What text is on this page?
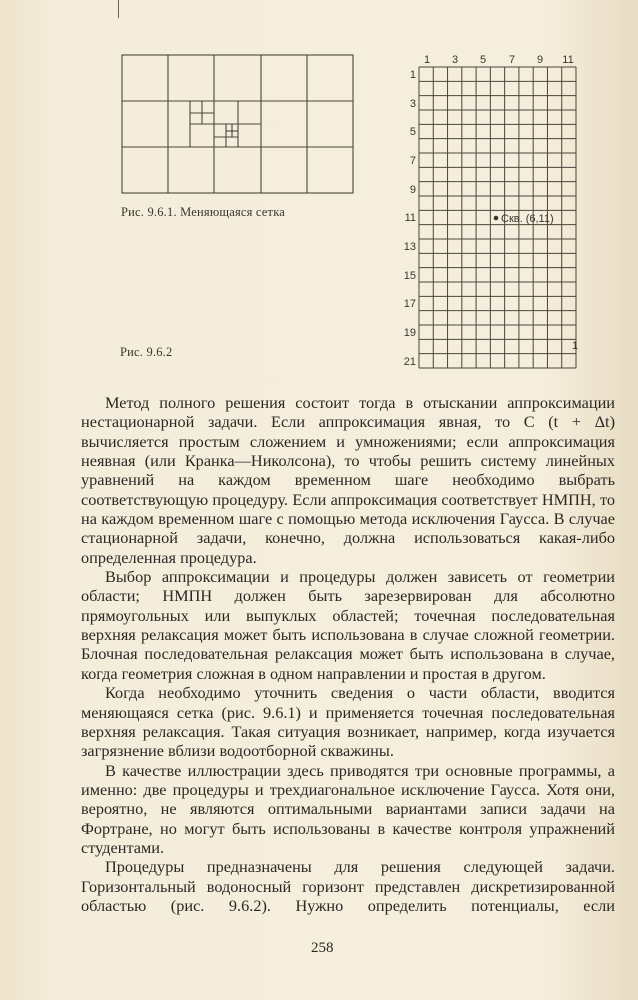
1 3 5 7 9 11
1
3
5
7
9
11
13
15
17
19
21
Скв. (6,11)
1
Рис. 9.6.1. Меняющаяся сетка
Рис. 9.6.2

Метод полного решения состоит тогда в отыскании аппроксимации нестационарной задачи. Если аппроксимация явная, то C (t + Δt) вычисляется простым сложением и умножениями; если аппроксимация неявная (или Кранка—Николсона), то чтобы решить систему линейных уравнений на каждом временном шаге необходимо выбрать соответствующую процедуру. Если аппроксимация соответствует НМПН, то на каждом временном шаге с помощью метода исключения Гаусса. В случае стационарной задачи, конечно, должна использоваться какая-либо определенная процедура.

Выбор аппроксимации и процедуры должен зависеть от геометрии области; НМПН должен быть зарезервирован для абсолютно прямоугольных или выпуклых областей; точечная последовательная верхняя релаксация может быть использована в случае сложной геометрии. Блочная последовательная релаксация может быть использована в случае, когда геометрия сложная в одном направлении и простая в другом.

Когда необходимо уточнить сведения о части области, вводится меняющаяся сетка (рис. 9.6.1) и применяется точечная последовательная верхняя релаксация. Такая ситуация возникает, например, когда изучается загрязнение вблизи водоотборной скважины.

В качестве иллюстрации здесь приводятся три основные программы, а именно: две процедуры и трехдиагональное исключение Гаусса. Хотя они, вероятно, не являются оптимальными вариантами записи задачи на Фортране, но могут быть использованы в качестве контроля упражнений студентами.

Процедуры предназначены для решения следующей задачи. Горизонтальный водоносный горизонт представлен дискретизированной областью (рис. 9.6.2). Нужно определить потенциалы, если

258
